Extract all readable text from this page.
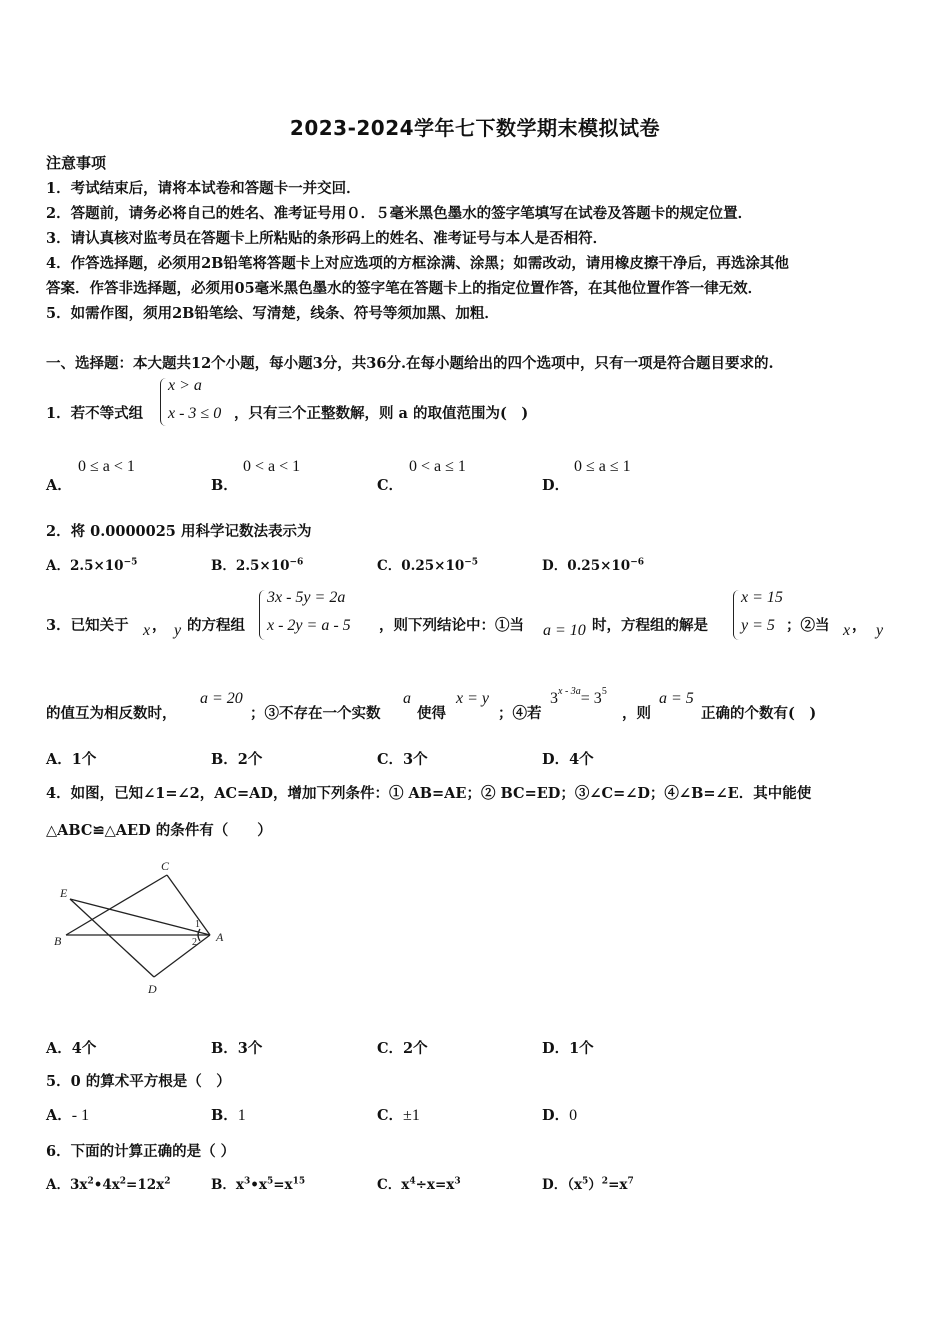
2023-2024学年七下数学期末模拟试卷
注意事项
1．考试结束后，请将本试卷和答题卡一并交回．
2．答题前，请务必将自己的姓名、准考证号用０．５毫米黑色墨水的签字笔填写在试卷及答题卡的规定位置．
3．请认真核对监考员在答题卡上所粘贴的条形码上的姓名、准考证号与本人是否相符．
4．作答选择题，必须用2B铅笔将答题卡上对应选项的方框涂满、涂黑；如需改动，请用橡皮擦干净后，再选涂其他
答案．作答非选择题，必须用05毫米黑色墨水的签字笔在答题卡上的指定位置作答，在其他位置作答一律无效．
5．如需作图，须用2B铅笔绘、写清楚，线条、符号等须加黑、加粗．
一、选择题：本大题共12个小题，每小题3分，共36分.在每小题给出的四个选项中，只有一项是符合题目要求的.
1．若不等式组
x > a
x - 3 ≤ 0 ，只有三个正整数解，则 a 的取值范围为(　)
A．
0 ≤ a < 1
B．
0 < a < 1
C．
0 < a ≤ 1
D．
0 ≤ a ≤ 1
2．将 0.0000025 用科学记数法表示为
A．$2.5\times 10^{-5}$	B．$2.5\times 10^{-6}$	C．$0.25\times 10^{-5}$	D．$0.25\times 10^{-6}$
3．已知关于 x ， y 的方程组
3x - 5y = 2a
x - 2y = a - 5 ，则下列结论中：①当 a = 10 时，方程组的解是
x = 15
y = 5 ；②当 x ， y
的值互为相反数时，
a = 20
；③不存在一个实数
a
使得
x = y
；④若
$3^{x - 3a}= 3^5$
，则
a = 5
正确的个数有(　)
A．1个	B．2个	C．3个	D．4个
4．如图，已知∠1=∠2，AC=AD，增加下列条件：① AB=AE；② BC=ED；③∠C=∠D；④∠B=∠E．其中能使
△ABC≌△AED 的条件有（　　）
C
E
B	A
D
1
2
A．4个	B．3个	C．2个	D．1个
5．0 的算术平方根是（　）
A．- 1	B．1	C．±1	D．0
6．下面的计算正确的是（ ）
A．$3x^2•4x^2=12x^2$	B．$x^3•x^5=x^{15}$	C．$x^4\div x=x^3$	D．$(x^5)^2=x^7$
